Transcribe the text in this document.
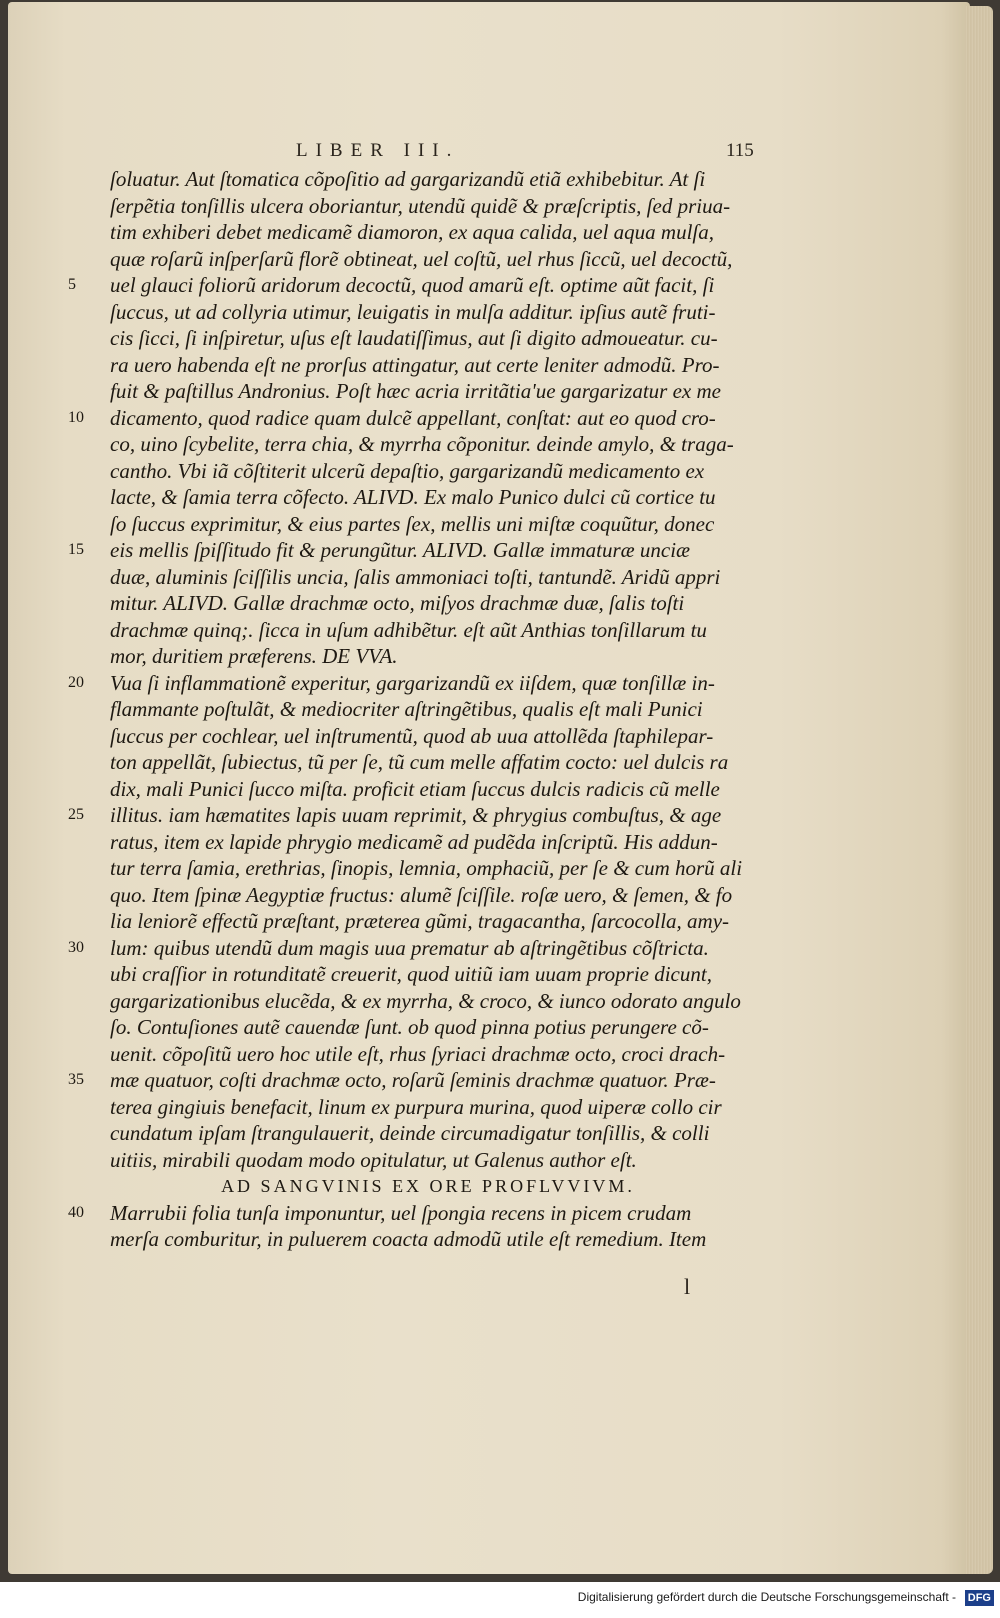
LIBER III.	115
ſoluatur. Aut ſtomatica cõpoſitio ad gargarizandũ etiã exhibebitur. At ſi
ſerpẽtia tonſillis ulcera oboriantur, utendũ quidẽ & præſcriptis, ſed priua-
tim exhiberi debet medicamẽ diamoron, ex aqua calida, uel aqua mulſa,
quæ roſarũ inſperſarũ florẽ obtineat, uel coſtũ, uel rhus ſiccũ, uel decoctũ,
5	uel glauci foliorũ aridorum decoctũ, quod amarũ eſt. optime aũt facit, ſi
ſuccus, ut ad collyria utimur, leuigatis in mulſa additur. ipſius autẽ fruti-
cis ſicci, ſi inſpiretur, uſus eſt laudatiſſimus, aut ſi digito admoueatur. cu-
ra uero habenda eſt ne prorſus attingatur, aut certe leniter admodũ. Pro-
fuit & paſtillus Andronius. Poſt hæc acria irritãtia'ue gargarizatur ex me
10	dicamento, quod radice quam dulcẽ appellant, conſtat: aut eo quod cro-
co, uino ſcybelite, terra chia, & myrrha cõponitur. deinde amylo, & traga-
cantho. Vbi iã cõſtiterit ulcerũ depaſtio, gargarizandũ medicamento ex
lacte, & ſamia terra cõfecto. ALIVD. Ex malo Punico dulci cũ cortice tu
ſo ſuccus exprimitur, & eius partes ſex, mellis uni miſtæ coquũtur, donec
15	eis mellis ſpiſſitudo fit & perungũtur. ALIVD. Gallæ immaturæ unciæ
duæ, aluminis ſciſſilis uncia, ſalis ammoniaci toſti, tantundẽ. Aridũ appri
mitur. ALIVD. Gallæ drachmæ octo, miſyos drachmæ duæ, ſalis toſti
drachmæ quinq;. ſicca in uſum adhibẽtur. eſt aũt Anthias tonſillarum tu
mor, duritiem præferens. DE VVA.
20	Vua ſi inflammationẽ experitur, gargarizandũ ex iiſdem, quæ tonſillæ in-
flammante poſtulãt, & mediocriter aſtringẽtibus, qualis eſt mali Punici
ſuccus per cochlear, uel inſtrumentũ, quod ab uua attollẽda ſtaphilepar-
ton appellãt, ſubiectus, tũ per ſe, tũ cum melle affatim cocto: uel dulcis ra
dix, mali Punici ſucco miſta. proficit etiam ſuccus dulcis radicis cũ melle
25	illitus. iam hæmatites lapis uuam reprimit, & phrygius combuſtus, & age
ratus, item ex lapide phrygio medicamẽ ad pudẽda inſcriptũ. His addun-
tur terra ſamia, erethrias, ſinopis, lemnia, omphaciũ, per ſe & cum horũ ali
quo. Item ſpinæ Aegyptiæ fructus: alumẽ ſciſſile. roſæ uero, & ſemen, & fo
lia leniorẽ effectũ præſtant, præterea gũmi, tragacantha, ſarcocolla, amy-
30	lum: quibus utendũ dum magis uua prematur ab aſtringẽtibus cõſtricta.
ubi craſſior in rotunditatẽ creuerit, quod uitiũ iam uuam proprie dicunt,
gargarizationibus elucẽda, & ex myrrha, & croco, & iunco odorato angulo
ſo. Contuſiones autẽ cauendæ ſunt. ob quod pinna potius perungere cõ-
uenit. cõpoſitũ uero hoc utile eſt, rhus ſyriaci drachmæ octo, croci drach-
35	mæ quatuor, coſti drachmæ octo, roſarũ ſeminis drachmæ quatuor. Præ-
terea gingiuis benefacit, linum ex purpura murina, quod uiperæ collo cir
cundatum ipſam ſtrangulauerit, deinde circumadigatur tonſillis, & colli
uitiis, mirabili quodam modo opitulatur, ut Galenus author eſt.
AD SANGVINIS EX ORE PROFLVVIVM.
40	Marrubii folia tunſa imponuntur, uel ſpongia recens in picem crudam
merſa comburitur, in puluerem coacta admodũ utile eſt remedium. Item
l
Digitalisierung gefördert durch die Deutsche Forschungsgemeinschaft - DFG
